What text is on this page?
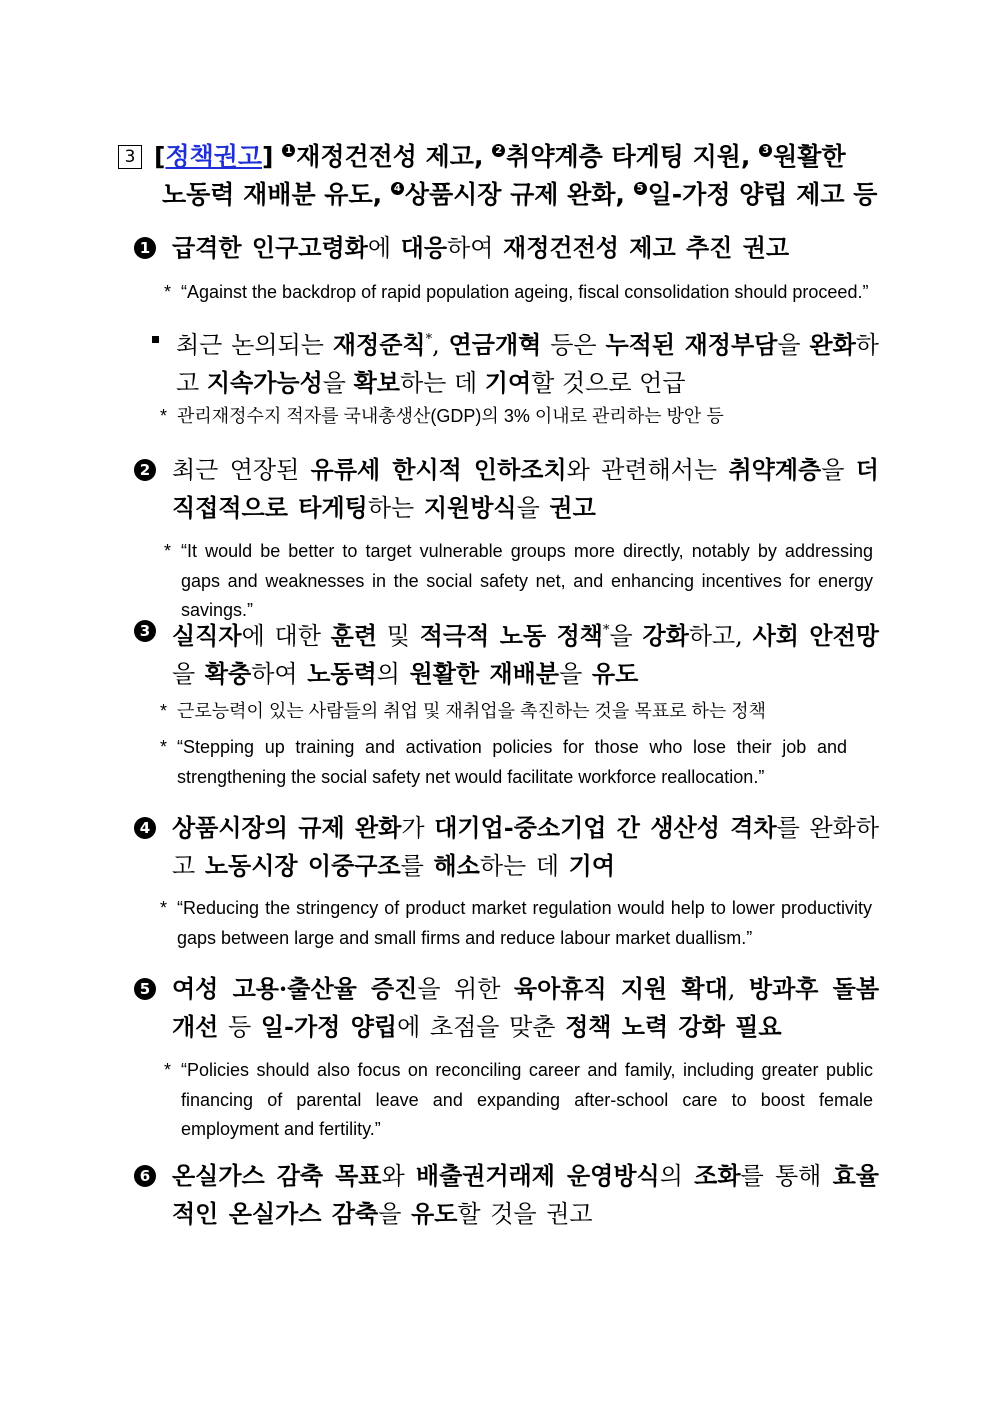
3 [정책권고] 1 재정건전성 제고, 2 취약계층 타게팅 지원, 3 원활한
노동력 재배분 유도, 4 상품시장 규제 완화, 5 일-가정 양립 제고 등
1 급격한 인구고령화에 대응하여 재정건전성 제고 추진 권고
* “Against the backdrop of rapid population ageing, fiscal consolidation should proceed.”
최근 논의되는 재정준칙*, 연금개혁 등은 누적된 재정부담을 완화하고 지속가능성을 확보하는 데 기여할 것으로 언급
* 관리재정수지 적자를 국내총생산(GDP)의 3% 이내로 관리하는 방안 등
2 최근 연장된 유류세 한시적 인하조치와 관련해서는 취약계층을 더 직접적으로 타게팅하는 지원방식을 권고
* “It would be better to target vulnerable groups more directly, notably by addressing gaps and weaknesses in the social safety net, and enhancing incentives for energy savings.”
3 실직자에 대한 훈련 및 적극적 노동 정책*을 강화하고, 사회 안전망을 확충하여 노동력의 원활한 재배분을 유도
* 근로능력이 있는 사람들의 취업 및 재취업을 촉진하는 것을 목표로 하는 정책
* “Stepping up training and activation policies for those who lose their job and strengthening the social safety net would facilitate workforce reallocation.”
4 상품시장의 규제 완화가 대기업-중소기업 간 생산성 격차를 완화하고 노동시장 이중구조를 해소하는 데 기여
* “Reducing the stringency of product market regulation would help to lower productivity gaps between large and small firms and reduce labour market duallism.”
5 여성 고용·출산율 증진을 위한 육아휴직 지원 확대, 방과후 돌봄 개선 등 일-가정 양립에 초점을 맞춘 정책 노력 강화 필요
* “Policies should also focus on reconciling career and family, including greater public financing of parental leave and expanding after-school care to boost female employment and fertility.”
6 온실가스 감축 목표와 배출권거래제 운영방식의 조화를 통해 효율적인 온실가스 감축을 유도할 것을 권고
